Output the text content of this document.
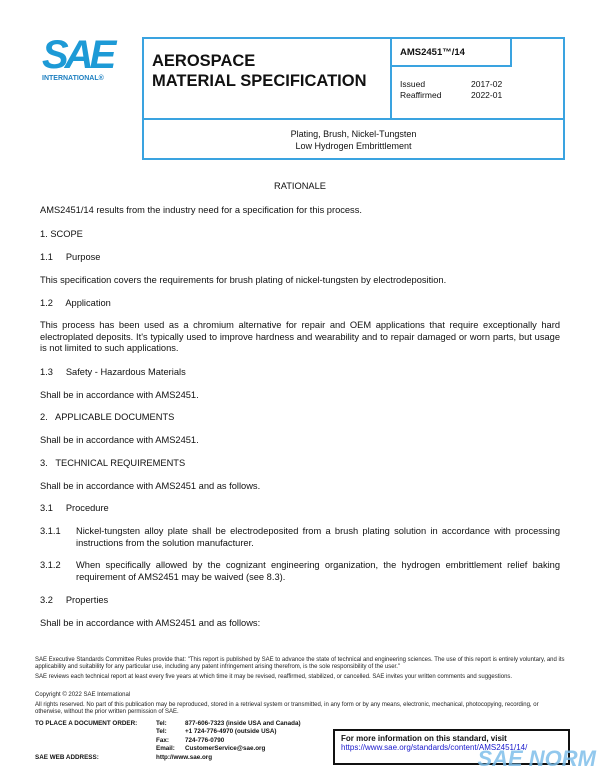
SAE
INTERNATIONAL®
AEROSPACE
MATERIAL SPECIFICATION
AMS2451™/14
Issued
Reaffirmed
2017-02
2022-01
Plating, Brush, Nickel-Tungsten
Low Hydrogen Embrittlement
RATIONALE
AMS2451/14 results from the industry need for a specification for this process.
1. SCOPE
1.1     Purpose
This specification covers the requirements for brush plating of nickel-tungsten by electrodeposition.
1.2     Application
This process has been used as a chromium alternative for repair and OEM applications that require exceptionally hard electroplated deposits. It's typically used to improve hardness and wearability and to repair damaged or worn parts, but usage is not limited to such applications.
1.3     Safety - Hazardous Materials
Shall be in accordance with AMS2451.
2.   APPLICABLE DOCUMENTS
Shall be in accordance with AMS2451.
3.   TECHNICAL REQUIREMENTS
Shall be in accordance with AMS2451 and as follows.
3.1     Procedure
3.1.1 Nickel-tungsten alloy plate shall be electrodeposited from a brush plating solution in accordance with processing instructions from the solution manufacturer.
3.1.2 When specifically allowed by the cognizant engineering organization, the hydrogen embrittlement relief baking requirement of AMS2451 may be waived (see 8.3).
3.2     Properties
Shall be in accordance with AMS2451 and as follows:
SAE Executive Standards Committee Rules provide that: "This report is published by SAE to advance the state of technical and engineering sciences. The use of this report is entirely voluntary, and its applicability and suitability for any particular use, including any patent infringement arising therefrom, is the sole responsibility of the user."
SAE reviews each technical report at least every five years at which time it may be revised, reaffirmed, stabilized, or cancelled. SAE invites your written comments and suggestions.
Copyright © 2022 SAE International
All rights reserved. No part of this publication may be reproduced, stored in a retrieval system or transmitted, in any form or by any means, electronic, mechanical, photocopying, recording, or otherwise, without the prior written permission of SAE.
TO PLACE A DOCUMENT ORDER:
SAE WEB ADDRESS:
Tel:
Tel:
Fax:
Email:
877-606-7323 (inside USA and Canada)
+1 724-776-4970 (outside USA)
724-776-0790
CustomerService@sae.org
http://www.sae.org
For more information on this standard, visit
https://www.sae.org/standards/content/AMS2451/14/
SAE NORM
